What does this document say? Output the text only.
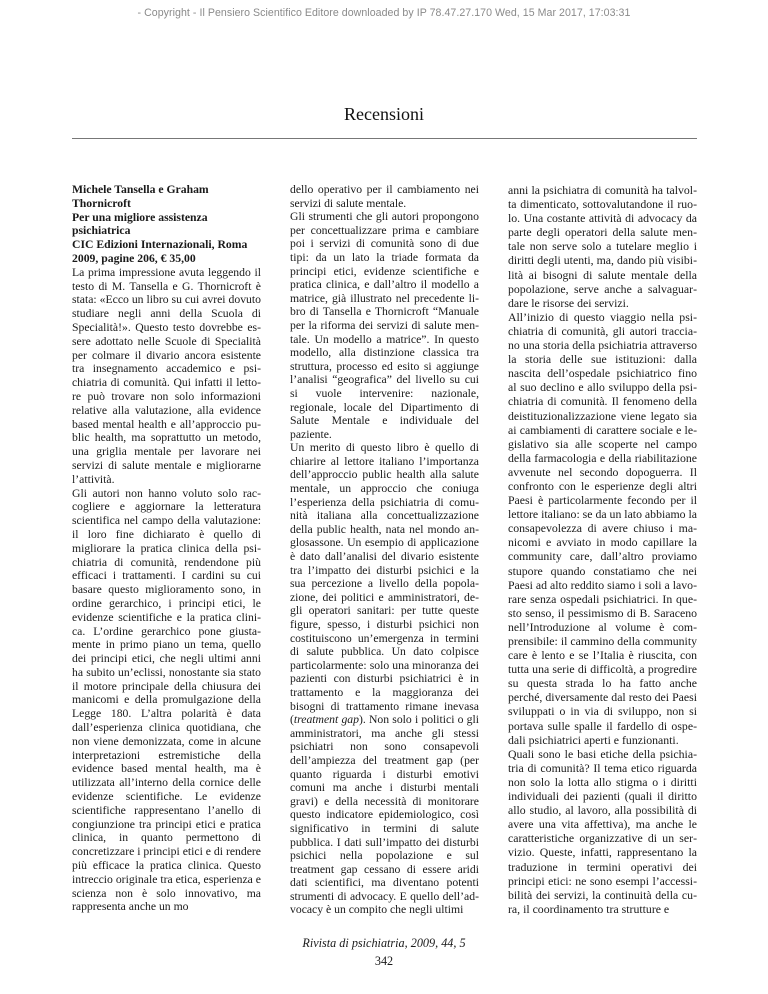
- Copyright - Il Pensiero Scientifico Editore downloaded by IP 78.47.27.170 Wed, 15 Mar 2017, 17:03:31
Recensioni

Michele Tansella e Graham Thornicroft
Per una migliore assistenza psichiatrica
CIC Edizioni Internazionali, Roma
2009, pagine 206, € 35,00

La prima impressione avuta leggendo il testo di M. Tansella e G. Thornicroft è stata: «Ecco un libro su cui avrei dovuto studiare negli anni della Scuola di Specialità!». Questo testo dovrebbe essere adottato nelle Scuole di Specialità per colmare il divario ancora esistente tra insegnamento accademico e psichiatria di comunità. Qui infatti il lettore può trovare non solo informazioni relative alla valutazione, alla evidence based mental health e all’approccio public health, ma soprattutto un metodo, una griglia mentale per lavorare nei servizi di salute mentale e migliorarne l’attività.

Gli autori non hanno voluto solo raccogliere e aggiornare la letteratura scientifica nel campo della valutazione: il loro fine dichiarato è quello di migliorare la pratica clinica della psichiatria di comunità, rendendone più efficaci i trattamenti. I cardini su cui basare questo miglioramento sono, in ordine gerarchico, i principi etici, le evidenze scientifiche e la pratica clinica. L’ordine gerarchico pone giustamente in primo piano un tema, quello dei principi etici, che negli ultimi anni ha subito un’eclissi, nonostante sia stato il motore principale della chiusura dei manicomi e della promulgazione della Legge 180. L’altra polarità è data dall’esperienza clinica quotidiana, che non viene demonizzata, come in alcune interpretazioni estremistiche della evidence based mental health, ma è utilizzata all’interno della cornice delle evidenze scientifiche. Le evidenze scientifiche rappresentano l’anello di congiunzione tra principi etici e pratica clinica, in quanto permettono di concretizzare i principi etici e di rendere più efficace la pratica clinica. Questo intreccio originale tra etica, esperienza e scienza non è solo innovativo, ma rappresenta anche un mo

dello operativo per il cambiamento nei servizi di salute mentale.

Gli strumenti che gli autori propongono per concettualizzare prima e cambiare poi i servizi di comunità sono di due tipi: da un lato la triade formata da principi etici, evidenze scientifiche e pratica clinica, e dall’altro il modello a matrice, già illustrato nel precedente libro di Tansella e Thornicroft “Manuale per la riforma dei servizi di salute mentale. Un modello a matrice”. In questo modello, alla distinzione classica tra struttura, processo ed esito si aggiunge l’analisi “geografica” del livello su cui si vuole intervenire: nazionale, regionale, locale del Dipartimento di Salute Mentale e individuale del paziente.

Un merito di questo libro è quello di chiarire al lettore italiano l’importanza dell’approccio public health alla salute mentale, un approccio che coniuga l’esperienza della psichiatria di comunità italiana alla concettualizzazione della public health, nata nel mondo anglosassone. Un esempio di applicazione è dato dall’analisi del divario esistente tra l’impatto dei disturbi psichici e la sua percezione a livello della popolazione, dei politici e amministratori, degli operatori sanitari: per tutte queste figure, spesso, i disturbi psichici non costituiscono un’emergenza in termini di salute pubblica. Un dato colpisce particolarmente: solo una minoranza dei pazienti con disturbi psichiatrici è in trattamento e la maggioranza dei bisogni di trattamento rimane inevasa (treatment gap). Non solo i politici o gli amministratori, ma anche gli stessi psichiatri non sono consapevoli dell’ampiezza del treatment gap (per quanto riguarda i disturbi emotivi comuni ma anche i disturbi mentali gravi) e della necessità di monitorare questo indicatore epidemiologico, così significativo in termini di salute pubblica. I dati sull’impatto dei disturbi psichici nella popolazione e sul treatment gap cessano di essere aridi dati scientifici, ma diventano potenti strumenti di advocacy. E quello dell’advocacy è un compito che negli ultimi

anni la psichiatra di comunità ha talvolta dimenticato, sottovalutandone il ruolo. Una costante attività di advocacy da parte degli operatori della salute mentale non serve solo a tutelare meglio i diritti degli utenti, ma, dando più visibilità ai bisogni di salute mentale della popolazione, serve anche a salvaguardare le risorse dei servizi.

All’inizio di questo viaggio nella psichiatria di comunità, gli autori tracciano una storia della psichiatria attraverso la storia delle sue istituzioni: dalla nascita dell’ospedale psichiatrico fino al suo declino e allo sviluppo della psichiatria di comunità. Il fenomeno della deistituzionalizzazione viene legato sia ai cambiamenti di carattere sociale e legislativo sia alle scoperte nel campo della farmacologia e della riabilitazione avvenute nel secondo dopoguerra. Il confronto con le esperienze degli altri Paesi è particolarmente fecondo per il lettore italiano: se da un lato abbiamo la consapevolezza di avere chiuso i manicomi e avviato in modo capillare la community care, dall’altro proviamo stupore quando constatiamo che nei Paesi ad alto reddito siamo i soli a lavorare senza ospedali psichiatrici. In questo senso, il pessimismo di B. Saraceno nell’Introduzione al volume è comprensibile: il cammino della community care è lento e se l’Italia è riuscita, con tutta una serie di difficoltà, a progredire su questa strada lo ha fatto anche perché, diversamente dal resto dei Paesi sviluppati o in via di sviluppo, non si portava sulle spalle il fardello di ospedali psichiatrici aperti e funzionanti.

Quali sono le basi etiche della psichiatria di comunità? Il tema etico riguarda non solo la lotta allo stigma o i diritti individuali dei pazienti (quali il diritto allo studio, al lavoro, alla possibilità di avere una vita affettiva), ma anche le caratteristiche organizzative di un servizio. Queste, infatti, rappresentano la traduzione in termini operativi dei principi etici: ne sono esempi l’accessibilità dei servizi, la continuità della cura, il coordinamento tra strutture e

Rivista di psichiatria, 2009, 44, 5
342
